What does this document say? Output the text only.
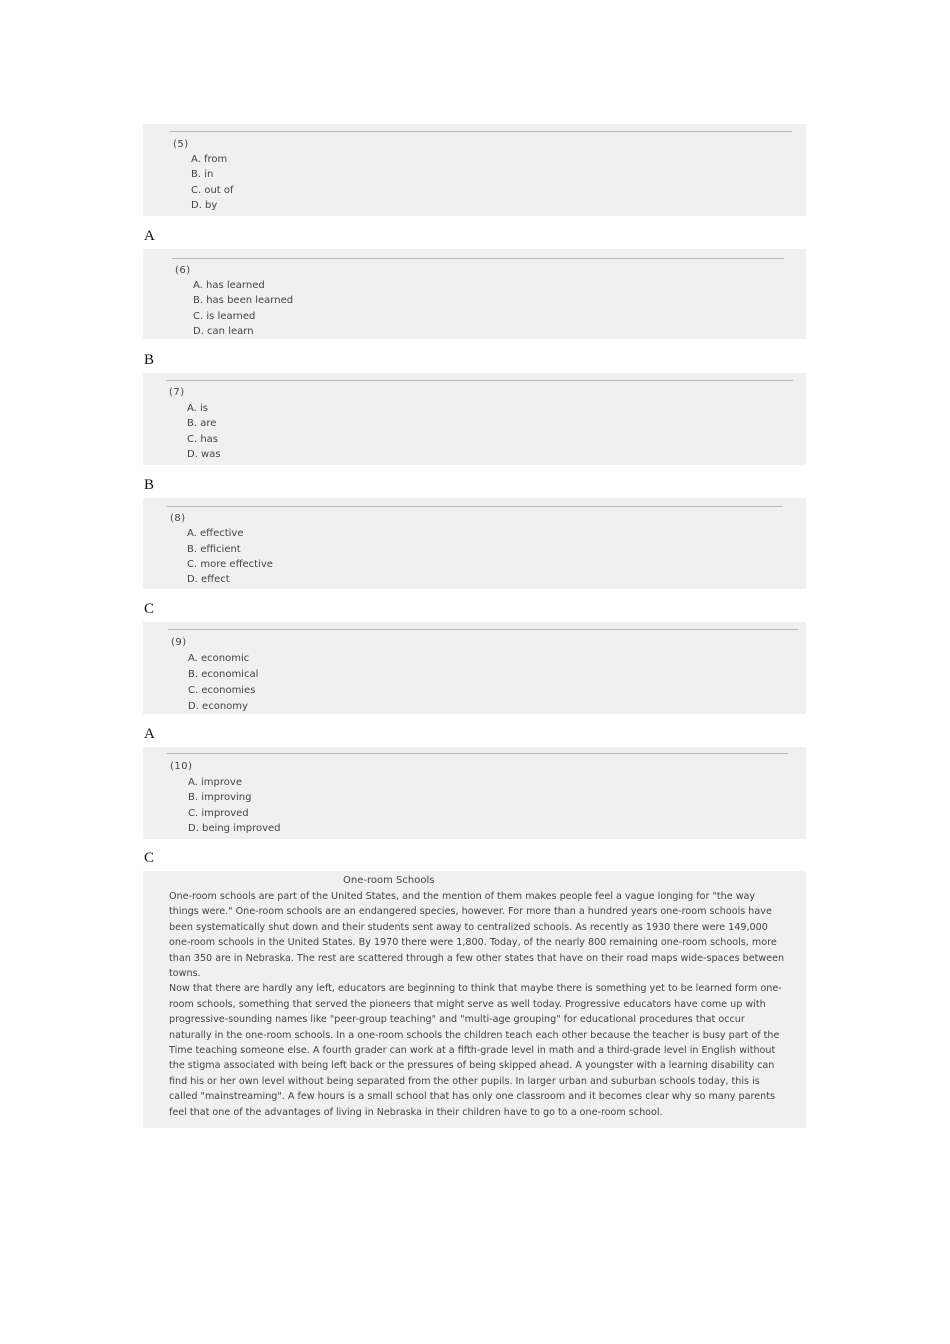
(5)
A. from
B. in
C. out of
D. by
A
(6)
A. has learned
B. has been learned
C. is learned
D. can learn
B
(7)
A. is
B. are
C. has
D. was
B
(8)
A. effective
B. efficient
C. more effective
D. effect
C
(9)
A. economic
B. economical
C. economies
D. economy
A
(10)
A. improve
B. improving
C. improved
D. being improved
C
One-room Schools

One-room schools are part of the United States, and the mention of them makes people feel a vague longing for "the way things were." One-room schools are an endangered species, however. For more than a hundred years one-room schools have been systematically shut down and their students sent away to centralized schools. As recently as 1930 there were 149,000 one-room schools in the United States. By 1970 there were 1,800. Today, of the nearly 800 remaining one-room schools, more than 350 are in Nebraska. The rest are scattered through a few other states that have on their road maps wide-spaces between towns.

Now that there are hardly any left, educators are beginning to think that maybe there is something yet to be learned form one-room schools, something that served the pioneers that might serve as well today. Progressive educators have come up with progressive-sounding names like "peer-group teaching" and "multi-age grouping" for educational procedures that occur naturally in the one-room schools. In a one-room schools the children teach each other because the teacher is busy part of the Time teaching someone else. A fourth grader can work at a fifth-grade level in math and a third-grade level in English without the stigma associated with being left back or the pressures of being skipped ahead. A youngster with a learning disability can find his or her own level without being separated from the other pupils. In larger urban and suburban schools today, this is called "mainstreaming". A few hours is a small school that has only one classroom and it becomes clear why so many parents feel that one of the advantages of living in Nebraska in their children have to go to a one-room school.
